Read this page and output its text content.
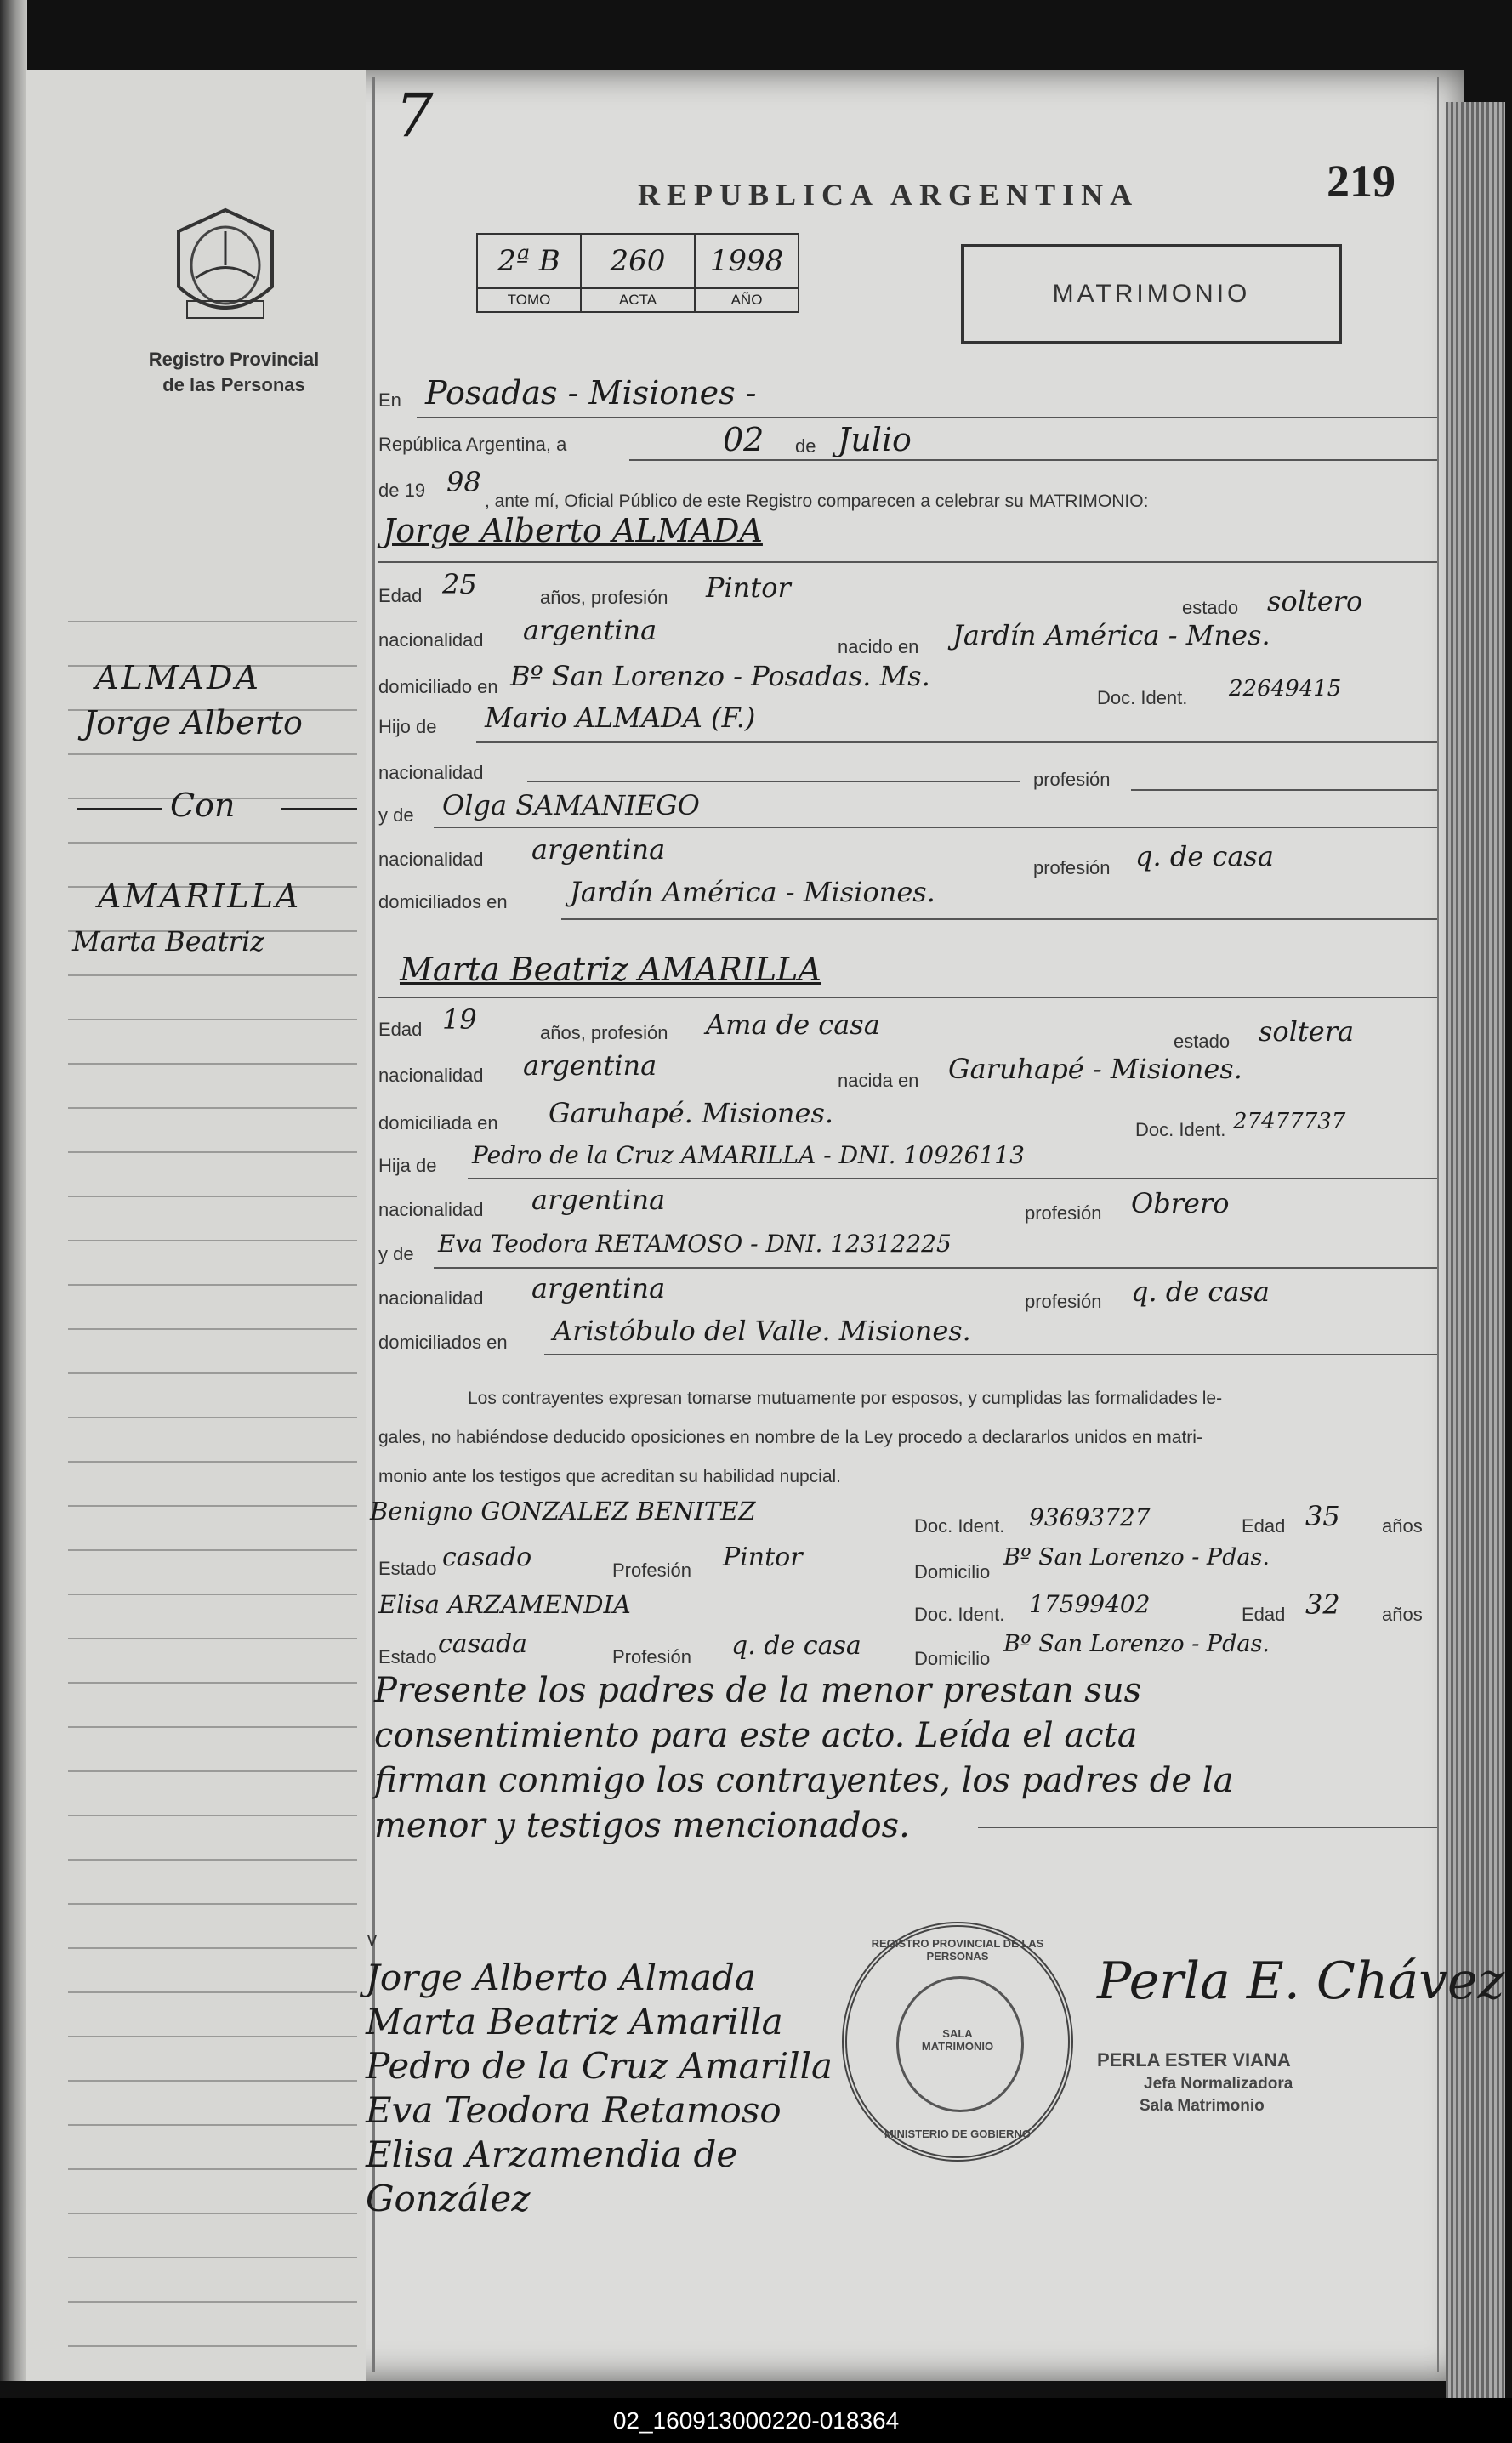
Registro Provincial
de las Personas
ALMADA
Jorge Alberto
Con
AMARILLA
Marta Beatriz
7
REPUBLICA ARGENTINA	219
MATRIMONIO
2ª B	260	1998
TOMO	ACTA	AÑO
En Posadas - Misiones -
República Argentina, a	02 de Julio
de 19 98
, ante mí, Oficial Público de este Registro comparecen a celebrar su MATRIMONIO:
Jorge Alberto ALMADA
Edad 25	años, profesión Pintor
estado soltero
nacionalidad argentina
nacido en Jardín América - Mnes.
domiciliado en Bº San Lorenzo - Posadas. Ms.
Doc. Ident. 22649415
Hijo de Mario ALMADA (F.)
nacionalidad	profesión
y de Olga SAMANIEGO
nacionalidad argentina
profesión q. de casa
domiciliados en Jardín América - Misiones.
Marta Beatriz AMARILLA
Edad 19	años, profesión Ama de casa
estado soltera
nacionalidad argentina	nacida en Garuhapé - Misiones.
domiciliada en Garuhapé. Misiones.
Doc. Ident. 27477737
Hija de Pedro de la Cruz AMARILLA - DNI. 10926113
nacionalidad argentina	profesión Obrero
y de Eva Teodora RETAMOSO - DNI. 12312225
nacionalidad argentina	profesión q. de casa
domiciliados en Aristóbulo del Valle. Misiones.
Los contrayentes expresan tomarse mutuamente por esposos, y cumplidas las formalidades le-
gales, no habiéndose deducido oposiciones en nombre de la Ley procedo a declararlos unidos en matri-
monio ante los testigos que acreditan su habilidad nupcial.
Benigno GONZALEZ BENITEZ
Doc. Ident. 93693727	Edad 35 años
Estado casado	Profesión Pintor	Domicilio
Bº San Lorenzo - Pdas.
Elisa ARZAMENDIA	Doc. Ident. 17599402	Edad 32 años
Estado casada	Profesión q. de casa	Domicilio
Bº San Lorenzo - Pdas.
Presente los padres de la menor prestan sus
consentimiento para este acto. Leída el acta
firman conmigo los contrayentes, los padres de la
menor y testigos mencionados.
v
Jorge Alberto Almada
Marta Beatriz Amarilla
Pedro de la Cruz Amarilla
Eva Teodora Retamoso
Elisa Arzamendia de González
REGISTRO PROVINCIAL DE LAS PERSONAS
SALA MATRIMONIO
MINISTERIO DE GOBIERNO
Perla E. Chávez
PERLA ESTER VIANA
Jefa Normalizadora
Sala Matrimonio
02_160913000220-018364
